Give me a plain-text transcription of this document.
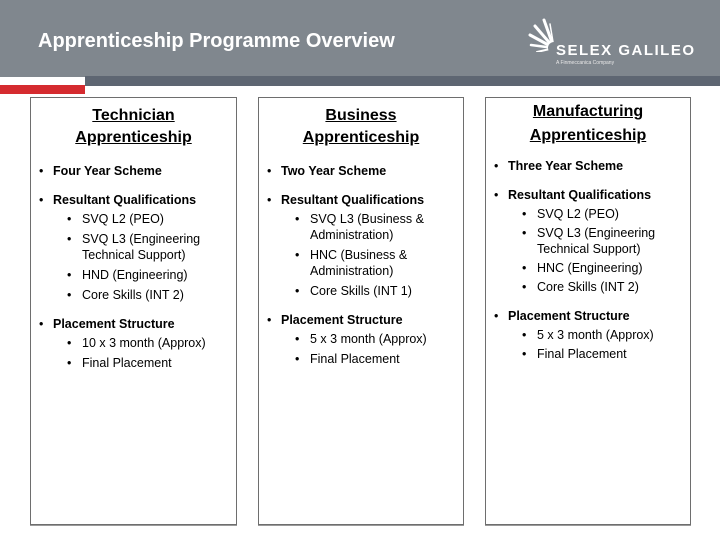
Apprenticeship Programme Overview	SELEX GALILEO
A Finmeccanica Company
Technician
Apprenticeship
• Four Year Scheme
• Resultant Qualifications
• SVQ L2 (PEO)
• SVQ L3 (Engineering Technical Support)
• HND (Engineering)
• Core Skills (INT 2)
• Placement Structure
• 10 x 3 month (Approx)
• Final Placement
Business
Apprenticeship
• Two Year Scheme
• Resultant Qualifications
• SVQ L3 (Business & Administration)
• HNC (Business & Administration)
• Core Skills (INT 1)
• Placement Structure
• 5 x 3 month (Approx)
• Final Placement
Manufacturing
Apprenticeship
• Three Year Scheme
• Resultant Qualifications
• SVQ L2 (PEO)
• SVQ L3 (Engineering Technical Support)
• HNC (Engineering)
• Core Skills (INT 2)
• Placement Structure
• 5 x 3 month (Approx)
• Final Placement
